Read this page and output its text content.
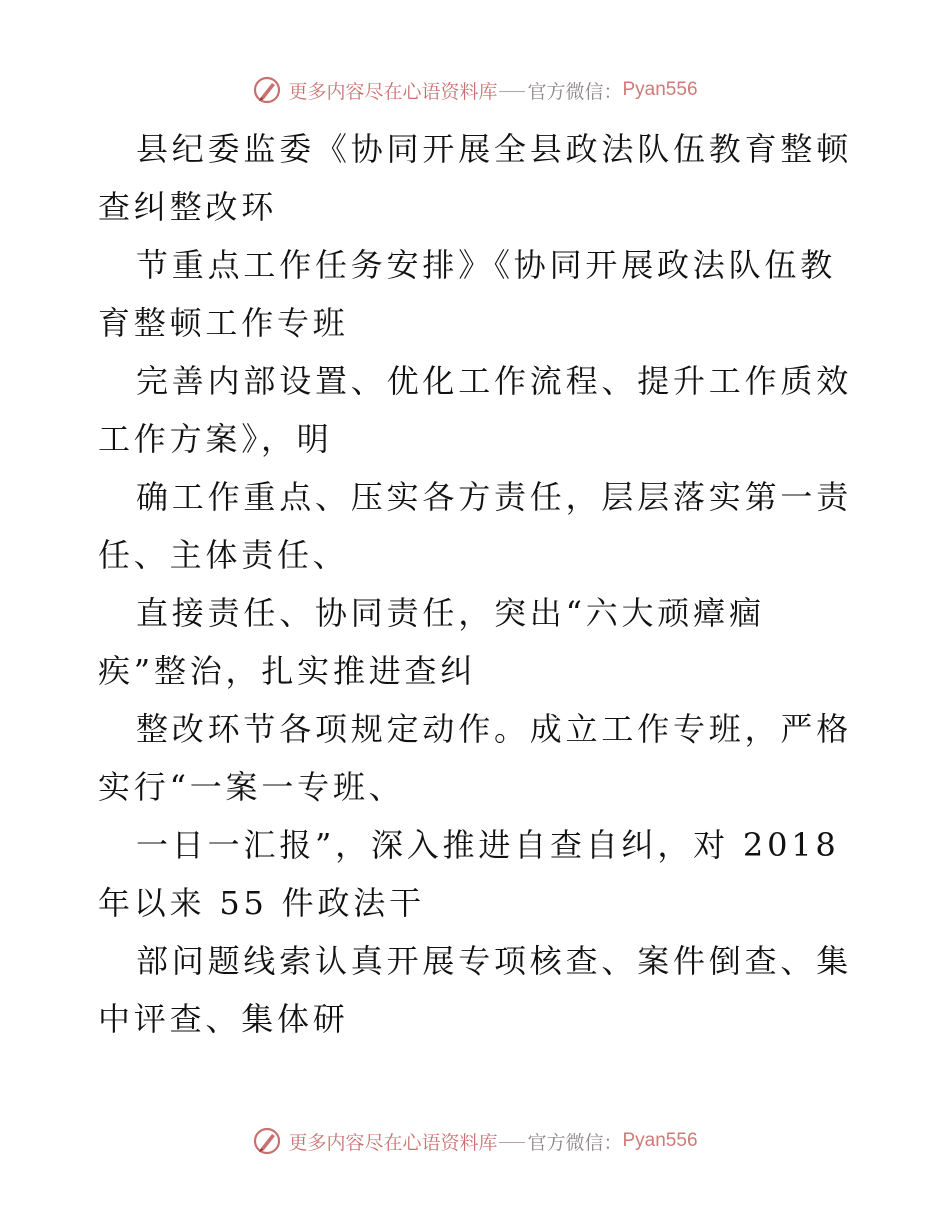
更多内容尽在心语资料库 官方微信： Pyan556

县纪委监委《协同开展全县政法队伍教育整顿查纠整改环

节重点工作任务安排》《协同开展政法队伍教育整顿工作专班

完善内部设置、优化工作流程、提升工作质效工作方案》，明

确工作重点、压实各方责任，层层落实第一责任、主体责任、

直接责任、协同责任，突出“六大顽瘴痼疾”整治，扎实推进查纠

整改环节各项规定动作。成立工作专班，严格实行“一案一专班、

一日一汇报”，深入推进自查自纠，对 2018 年以来 55 件政法干

部问题线索认真开展专项核查、案件倒查、集中评查、集体研

更多内容尽在心语资料库 官方微信： Pyan556
